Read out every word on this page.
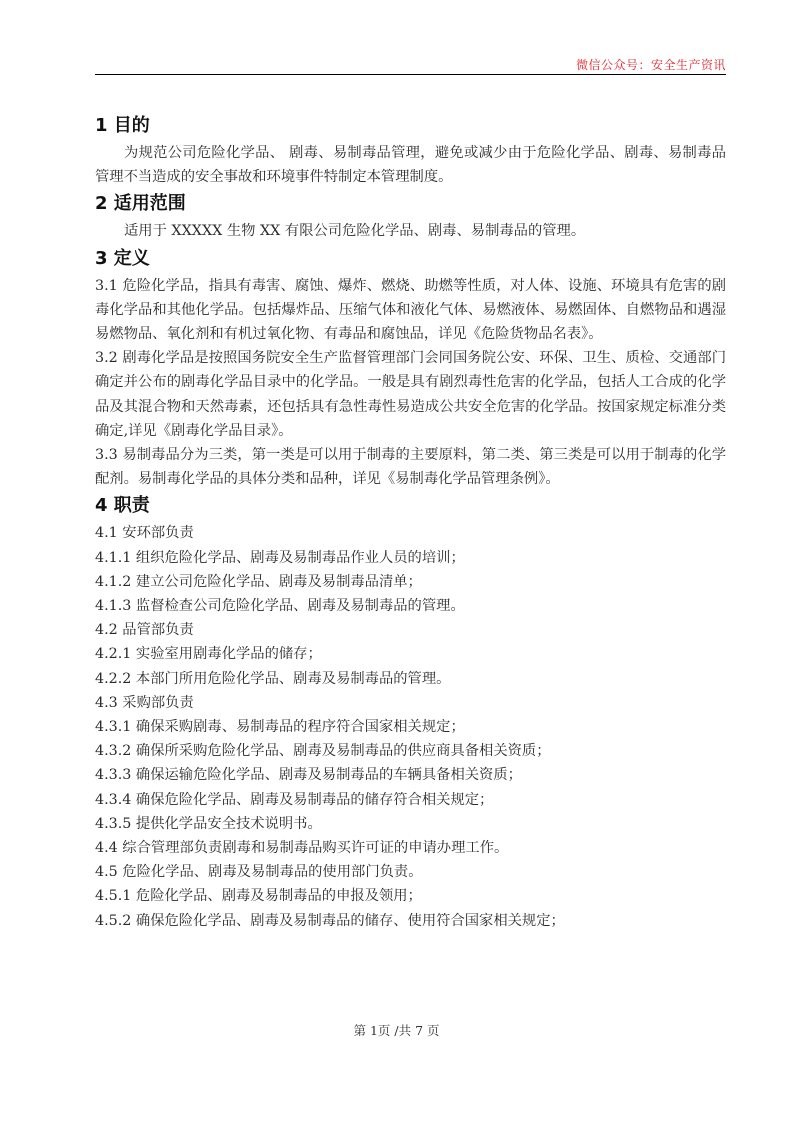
微信公众号：安全生产资讯
1 目的

为规范公司危险化学品、 剧毒、易制毒品管理，避免或减少由于危险化学品、剧毒、易制毒品管理不当造成的安全事故和环境事件特制定本管理制度。

2 适用范围

适用于 XXXXX 生物 XX 有限公司危险化学品、剧毒、易制毒品的管理。

3 定义

3.1 危险化学品，指具有毒害、腐蚀、爆炸、燃烧、助燃等性质，对人体、设施、环境具有危害的剧毒化学品和其他化学品。包括爆炸品、压缩气体和液化气体、易燃液体、易燃固体、自燃物品和遇湿易燃物品、氧化剂和有机过氧化物、有毒品和腐蚀品，详见《危险货物品名表》。

3.2 剧毒化学品是按照国务院安全生产监督管理部门会同国务院公安、环保、卫生、质检、交通部门确定并公布的剧毒化学品目录中的化学品。一般是具有剧烈毒性危害的化学品，包括人工合成的化学品及其混合物和天然毒素，还包括具有急性毒性易造成公共安全危害的化学品。按国家规定标准分类确定,详见《剧毒化学品目录》。

3.3 易制毒品分为三类，第一类是可以用于制毒的主要原料，第二类、第三类是可以用于制毒的化学配剂。易制毒化学品的具体分类和品种，详见《易制毒化学品管理条例》。

4 职责

4.1 安环部负责

4.1.1 组织危险化学品、剧毒及易制毒品作业人员的培训；

4.1.2 建立公司危险化学品、剧毒及易制毒品清单；

4.1.3 监督检查公司危险化学品、剧毒及易制毒品的管理。

4.2 品管部负责

4.2.1 实验室用剧毒化学品的储存；

4.2.2 本部门所用危险化学品、剧毒及易制毒品的管理。

4.3 采购部负责

4.3.1 确保采购剧毒、易制毒品的程序符合国家相关规定；

4.3.2 确保所采购危险化学品、剧毒及易制毒品的供应商具备相关资质；

4.3.3 确保运输危险化学品、剧毒及易制毒品的车辆具备相关资质；

4.3.4 确保危险化学品、剧毒及易制毒品的储存符合相关规定；

4.3.5 提供化学品安全技术说明书。

4.4 综合管理部负责剧毒和易制毒品购买许可证的申请办理工作。

4.5 危险化学品、剧毒及易制毒品的使用部门负责。

4.5.1 危险化学品、剧毒及易制毒品的申报及领用；

4.5.2 确保危险化学品、剧毒及易制毒品的储存、使用符合国家相关规定；

第 1页 /共 7 页
